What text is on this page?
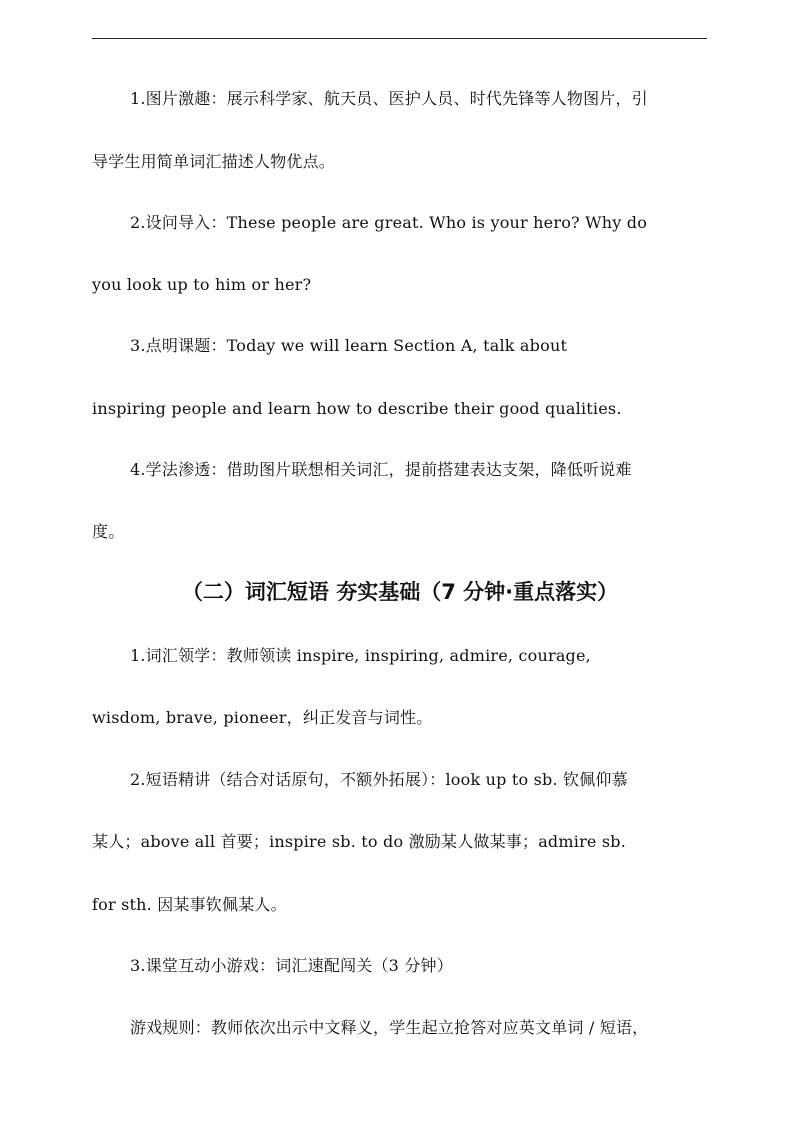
1.图片激趣：展示科学家、航天员、医护人员、时代先锋等人物图片，引
导学生用简单词汇描述人物优点。
2.设问导入：These people are great. Who is your hero? Why do
you look up to him or her?
3.点明课题：Today we will learn Section A, talk about
inspiring people and learn how to describe their good qualities.
4.学法渗透：借助图片联想相关词汇，提前搭建表达支架，降低听说难
度。
（二）词汇短语 夯实基础（7 分钟·重点落实）
1.词汇领学：教师领读 inspire, inspiring, admire, courage,
wisdom, brave, pioneer，纠正发音与词性。
2.短语精讲（结合对话原句，不额外拓展）：look up to sb. 钦佩仰慕
某人；above all 首要；inspire sb. to do 激励某人做某事；admire sb.
for sth. 因某事钦佩某人。
3.课堂互动小游戏：词汇速配闯关（3 分钟）
游戏规则：教师依次出示中文释义，学生起立抢答对应英文单词 / 短语，
